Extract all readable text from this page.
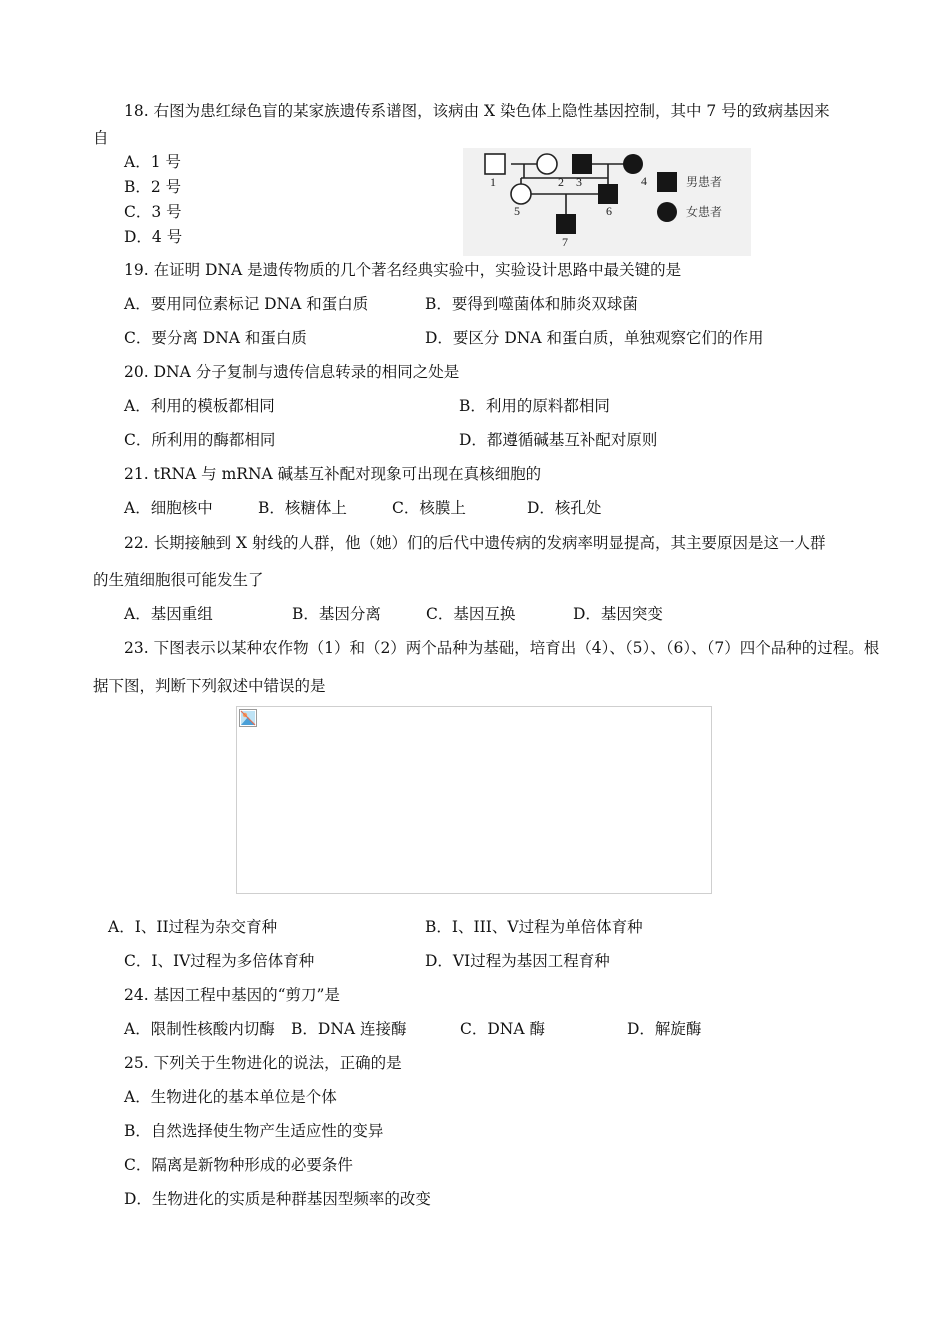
18. 右图为患红绿色盲的某家族遗传系谱图，该病由 X 染色体上隐性基因控制，其中 7 号的致病基因来
自
A．1 号
B．2 号
C．3 号
D．4 号
1	2 3	4
5	6
7
男患者
女患者
19. 在证明 DNA 是遗传物质的几个著名经典实验中，实验设计思路中最关键的是
A．要用同位素标记 DNA 和蛋白质	B．要得到噬菌体和肺炎双球菌
C．要分离 DNA 和蛋白质	D．要区分 DNA 和蛋白质，单独观察它们的作用
20. DNA 分子复制与遗传信息转录的相同之处是
A．利用的模板都相同	B．利用的原料都相同
C．所利用的酶都相同	D．都遵循碱基互补配对原则
21. tRNA 与 mRNA 碱基互补配对现象可出现在真核细胞的
A．细胞核中	B．核糖体上	C．核膜上	D．核孔处
22. 长期接触到 X 射线的人群，他（她）们的后代中遗传病的发病率明显提高，其主要原因是这一人群
的生殖细胞很可能发生了
A．基因重组	B．基因分离	C．基因互换	D．基因突变
23. 下图表示以某种农作物（1）和（2）两个品种为基础，培育出（4）、（5）、（6）、（7）四个品种的过程。根
据下图，判断下列叙述中错误的是
A．I、II过程为杂交育种	B．I、III、V过程为单倍体育种
C．I、IV过程为多倍体育种	D．VI过程为基因工程育种
24. 基因工程中基因的“剪刀”是
A．限制性核酸内切酶 B．DNA 连接酶	C．DNA 酶	D．解旋酶
25. 下列关于生物进化的说法，正确的是
A．生物进化的基本单位是个体
B．自然选择使生物产生适应性的变异
C．隔离是新物种形成的必要条件
D．生物进化的实质是种群基因型频率的改变
